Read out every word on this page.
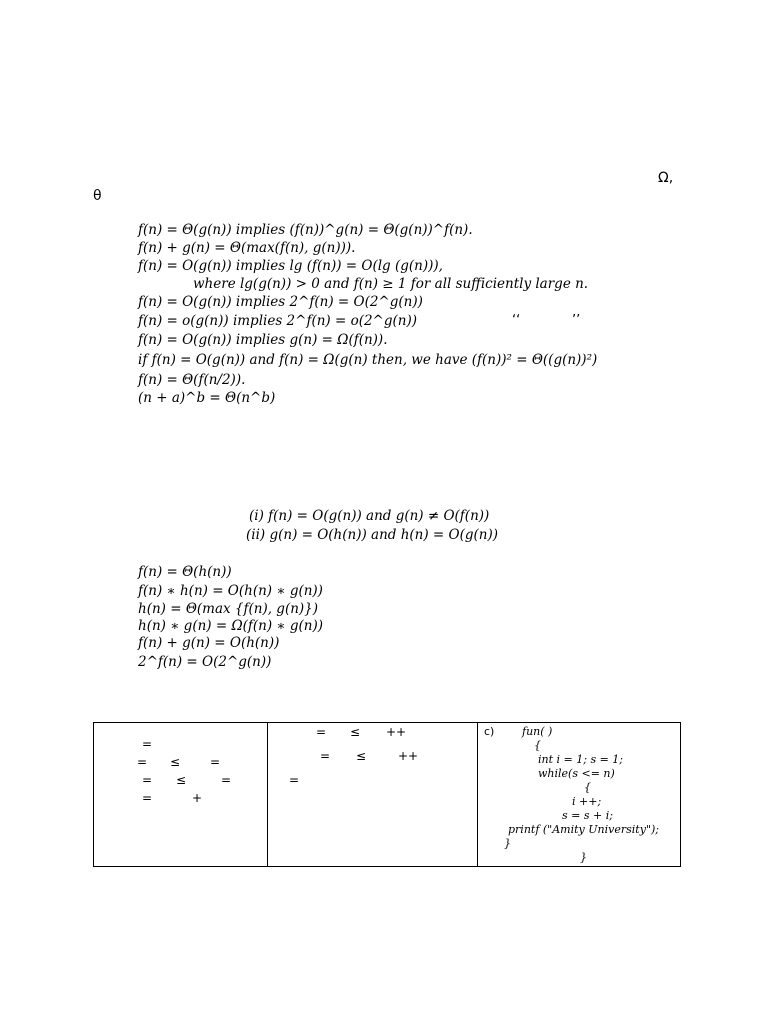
Ω,
θ
f(n) = Θ(g(n)) implies (f(n))^g(n) = Θ(g(n))^f(n).
f(n) + g(n) = Θ(max(f(n), g(n))).
f(n) = O(g(n)) implies lg (f(n)) = O(lg (g(n))),
where lg(g(n)) > 0 and f(n) ≥ 1 for all sufficiently large n.
f(n) = O(g(n)) implies 2^f(n) = O(2^g(n))
f(n) = o(g(n)) implies 2^f(n) = o(2^g(n))
f(n) = O(g(n)) implies g(n) = Ω(f(n)).
if f(n) = O(g(n)) and f(n) = Ω(g(n) then, we have (f(n))² = Θ((g(n))²)
f(n) = Θ(f(n/2)).
(n + a)^b = Θ(n^b)
‘‘	’’
(i) f(n) = O(g(n)) and g(n) ≠ O(f(n))
(ii) g(n) = O(h(n)) and h(n) = O(g(n))
f(n) = Θ(h(n))
f(n) ∗ h(n) = O(h(n) ∗ g(n))
h(n) = Θ(max {f(n), g(n)})
h(n) ∗ g(n) = Ω(f(n) ∗ g(n))
f(n) + g(n) = O(h(n))
2^f(n) = O(2^g(n))
=
= ≤ =
= ≤	=
=	+

= ≤ ++
= ≤	++
=

c)	fun( )
{
int i = 1; s = 1;
while(s <= n)
{
i ++;
s = s + i;
printf ("Amity University");
}
}
